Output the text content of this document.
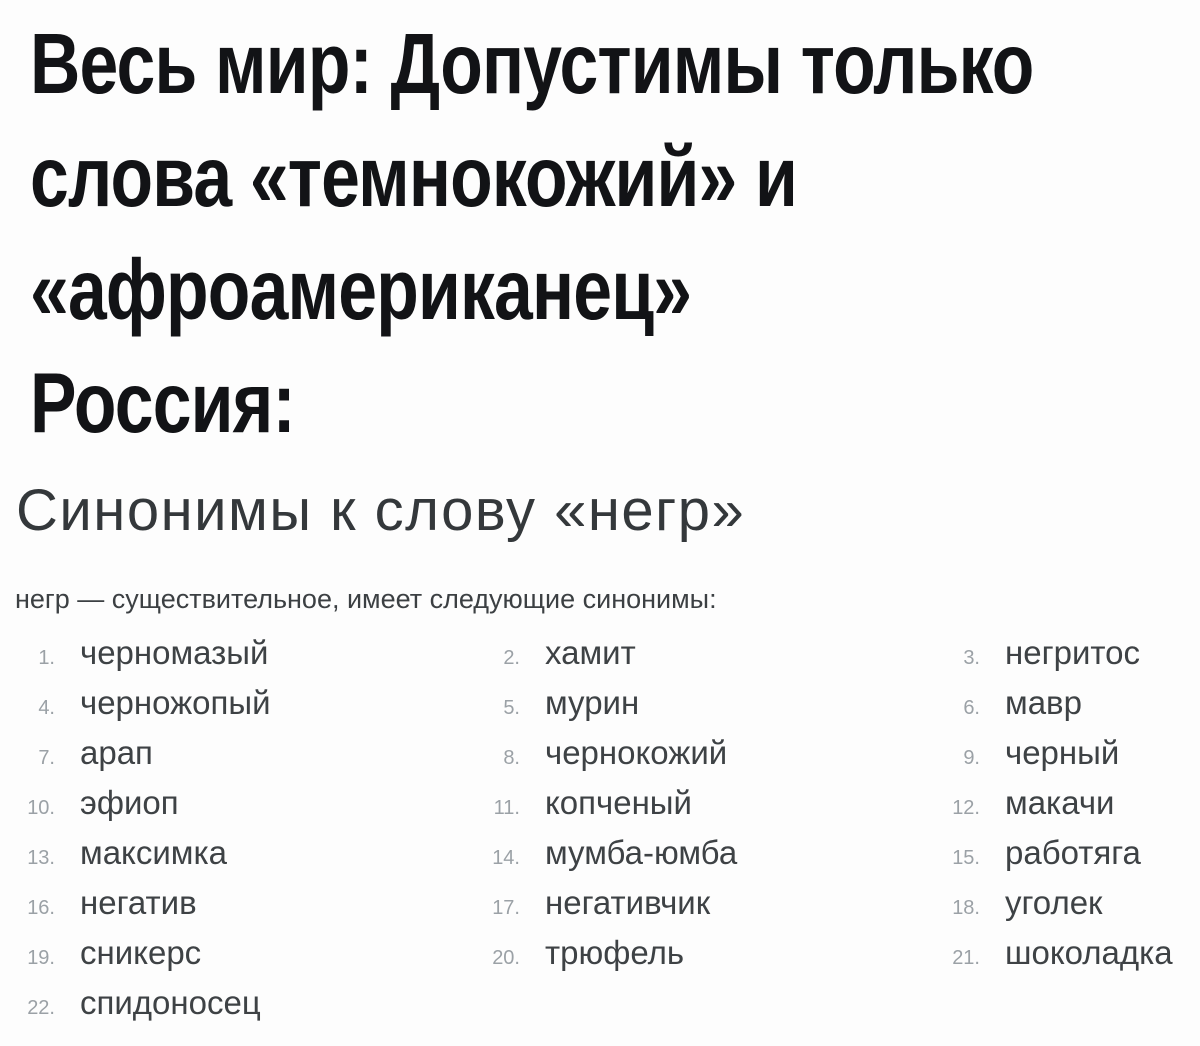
Весь мир: Допустимы только
слова «темнокожий» и
«афроамериканец»
Россия:
Синонимы к слову «негр»
негр — существительное, имеет следующие синонимы:
1. черномазый	2. хамит	3. негритос
4. черножопый	5. мурин	6. мавр
7. арап	8. чернокожий	9. черный
10. эфиоп	11. копченый	12. макачи
13. максимка	14. мумба-юмба	15. работяга
16. негатив	17. негативчик	18. уголек
19. сникерс	20. трюфель	21. шоколадка
22. спидоносец
